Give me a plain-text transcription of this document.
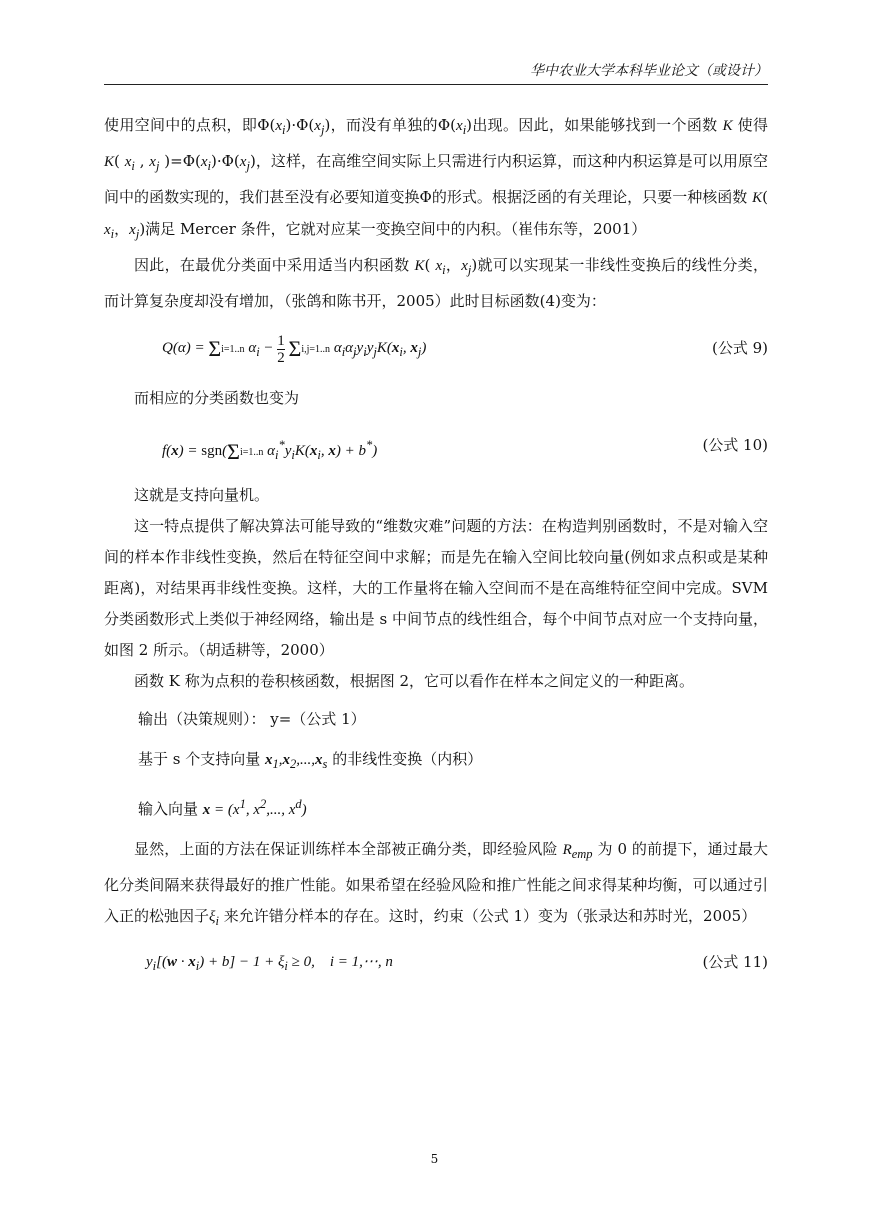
华中农业大学本科毕业论文（或设计）

使用空间中的点积，即$\Phi(x_i)\cdot\Phi(x_j)$，而没有单独的$\Phi(x_i)$出现。因此，如果能够找到一个函数 K 使得 K( $x_i$ , $x_j$ )$=\Phi(x_i)\cdot\Phi(x_j)$，这样，在高维空间实际上只需进行内积运算，而这种内积运算是可以用原空间中的函数实现的，我们甚至没有必要知道变换Φ的形式。根据泛函的有关理论，只要一种核函数 K( $x_i$，$x_j$)满足 Mercer 条件，它就对应某一变换空间中的内积。（崔伟东等，2001）

因此，在最优分类面中采用适当内积函数 K( $x_i$，$x_j$)就可以实现某一非线性变换后的线性分类，而计算复杂度却没有增加，（张鸽和陈书开，2005）此时目标函数(4)变为：

Q(α) = Σi=1..n $\alpha_i - \frac{1}{2} \Sigma i,j=1..n$ $\alpha_i\alpha_jy_iy_jK(x_i$, $x_j$)	(公式 9)

而相应的分类函数也变为

f(x) = sgn(Σi=1..n $\alpha_i^*y_iK(x_i$, x) + b*)	(公式 10)

这就是支持向量机。

这一特点提供了解决算法可能导致的“维数灾难”问题的方法：在构造判别函数时，不是对输入空间的样本作非线性变换，然后在特征空间中求解；而是先在输入空间比较向量(例如求点积或是某种距离)，对结果再非线性变换。这样，大的工作量将在输入空间而不是在高维特征空间中完成。SVM 分类函数形式上类似于神经网络，输出是 s 中间节点的线性组合，每个中间节点对应一个支持向量，如图 2 所示。（胡适耕等，2000）

函数 K 称为点积的卷积核函数，根据图 2，它可以看作在样本之间定义的一种距离。

输出（决策规则）： y=（公式 1）
基于 s 个支持向量 $x_1,x_2,...,x_s$ 的非线性变换（内积）
输入向量 $x = (x^1$, $x^2$,..., $x^d$)

显然，上面的方法在保证训练样本全部被正确分类，即经验风险 $R_{emp}$ 为 0 的前提下，通过最大化分类间隔来获得最好的推广性能。如果希望在经验风险和推广性能之间求得某种均衡，可以通过引入正的松弛因子$\xi_i$ 来允许错分样本的存在。这时，约束（公式 1）变为（张录达和苏时光，2005）

$y_i[(w \cdot x_i) + b] - 1 + \xi_i \ge 0$,    i = 1,⋯, n	(公式 11)
5
